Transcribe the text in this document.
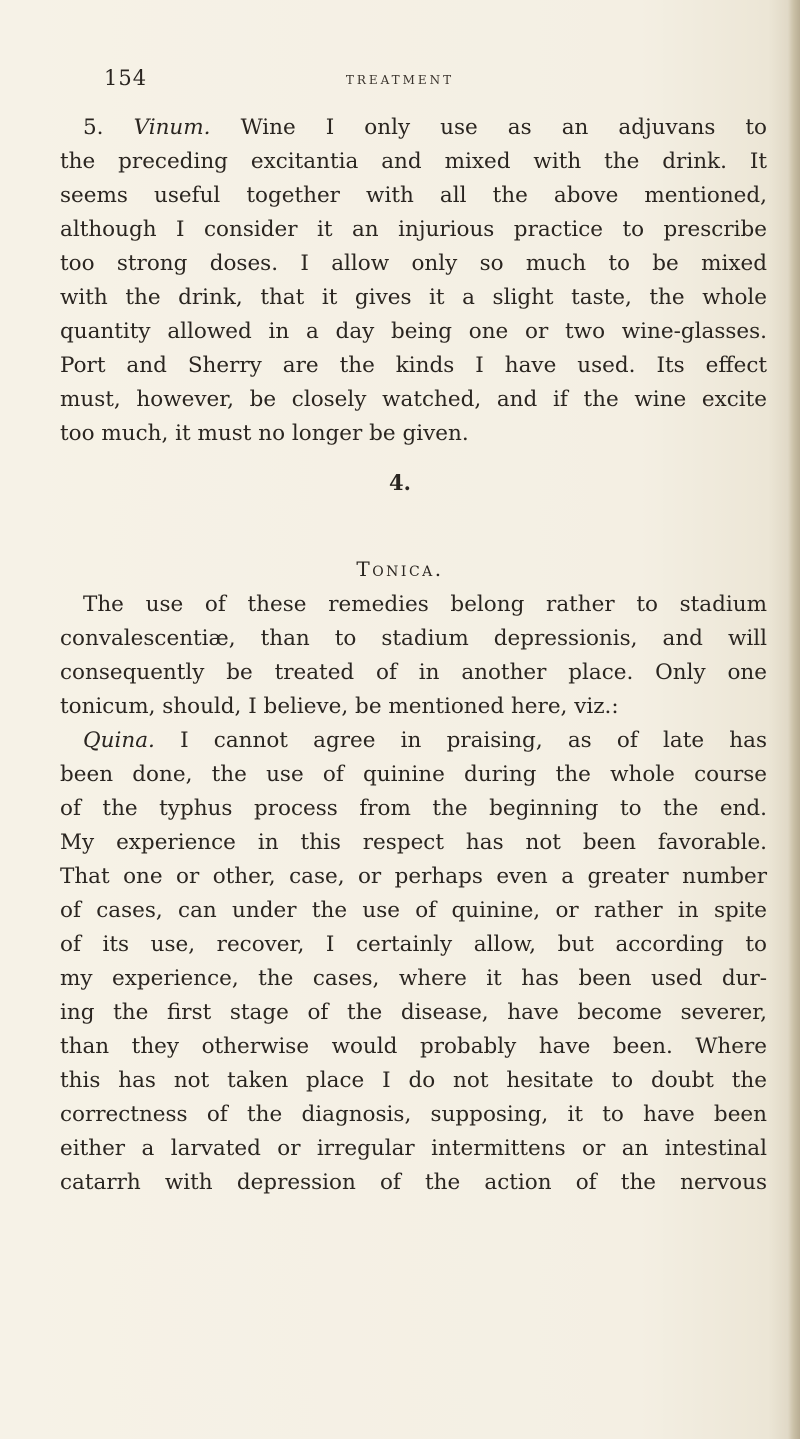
154	TREATMENT

5. Vinum. Wine I only use as an adjuvans to

the preceding excitantia and mixed with the drink. It

seems useful together with all the above mentioned,

although I consider it an injurious practice to prescribe

too strong doses. I allow only so much to be mixed

with the drink, that it gives it a slight taste, the whole

quantity allowed in a day being one or two wine-glasses.

Port and Sherry are the kinds I have used. Its effect

must, however, be closely watched, and if the wine excite

too much, it must no longer be given.

4.
Tonica.

The use of these remedies belong rather to stadium

convalescentiæ, than to stadium depressionis, and will

consequently be treated of in another place. Only one

tonicum, should, I believe, be mentioned here, viz.:

Quina. I cannot agree in praising, as of late has

been done, the use of quinine during the whole course

of the typhus process from the beginning to the end.

My experience in this respect has not been favorable.

That one or other, case, or perhaps even a greater number

of cases, can under the use of quinine, or rather in spite

of its use, recover, I certainly allow, but according to

my experience, the cases, where it has been used dur-

ing the first stage of the disease, have become severer,

than they otherwise would probably have been. Where

this has not taken place I do not hesitate to doubt the

correctness of the diagnosis, supposing, it to have been

either a larvated or irregular intermittens or an intestinal

catarrh with depression of the action of the nervous
